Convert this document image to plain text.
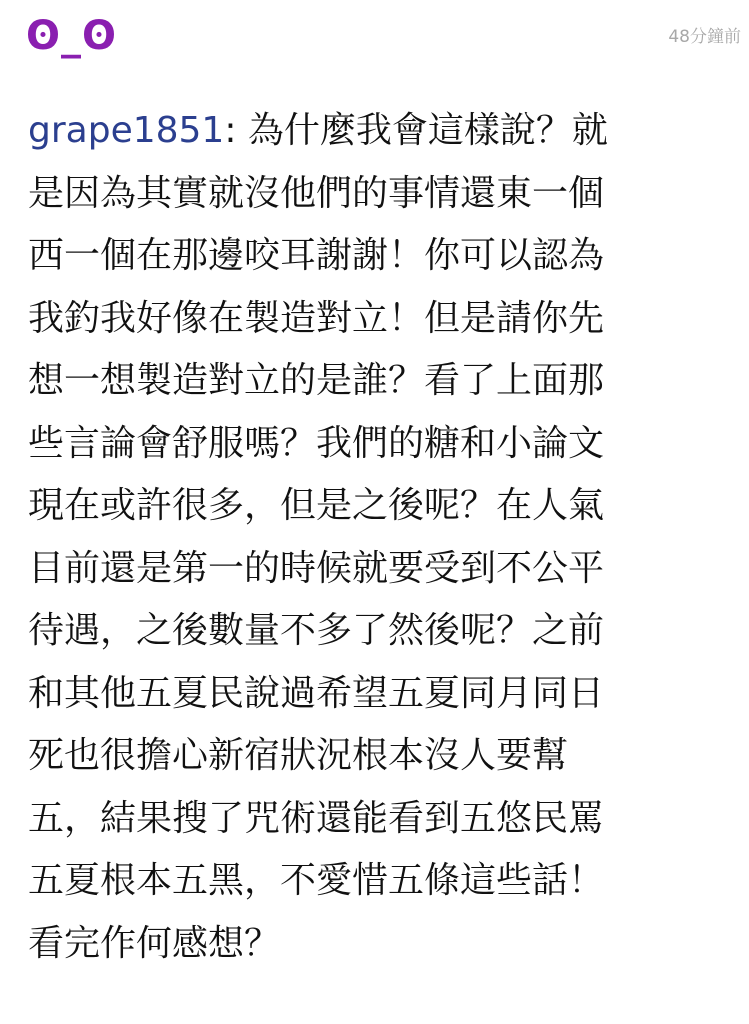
ʘ_ʘ	48分鐘前
grape1851: 為什麼我會這樣說？就
是因為其實就沒他們的事情還東一個
西一個在那邊咬耳謝謝！你可以認為
我釣我好像在製造對立！但是請你先
想一想製造對立的是誰？看了上面那
些言論會舒服嗎？我們的糖和小論文
現在或許很多，但是之後呢？在人氣
目前還是第一的時候就要受到不公平
待遇，之後數量不多了然後呢？之前
和其他五夏民說過希望五夏同月同日
死也很擔心新宿狀況根本沒人要幫
五，結果搜了咒術還能看到五悠民罵
五夏根本五黑，不愛惜五條這些話！
看完作何感想？
